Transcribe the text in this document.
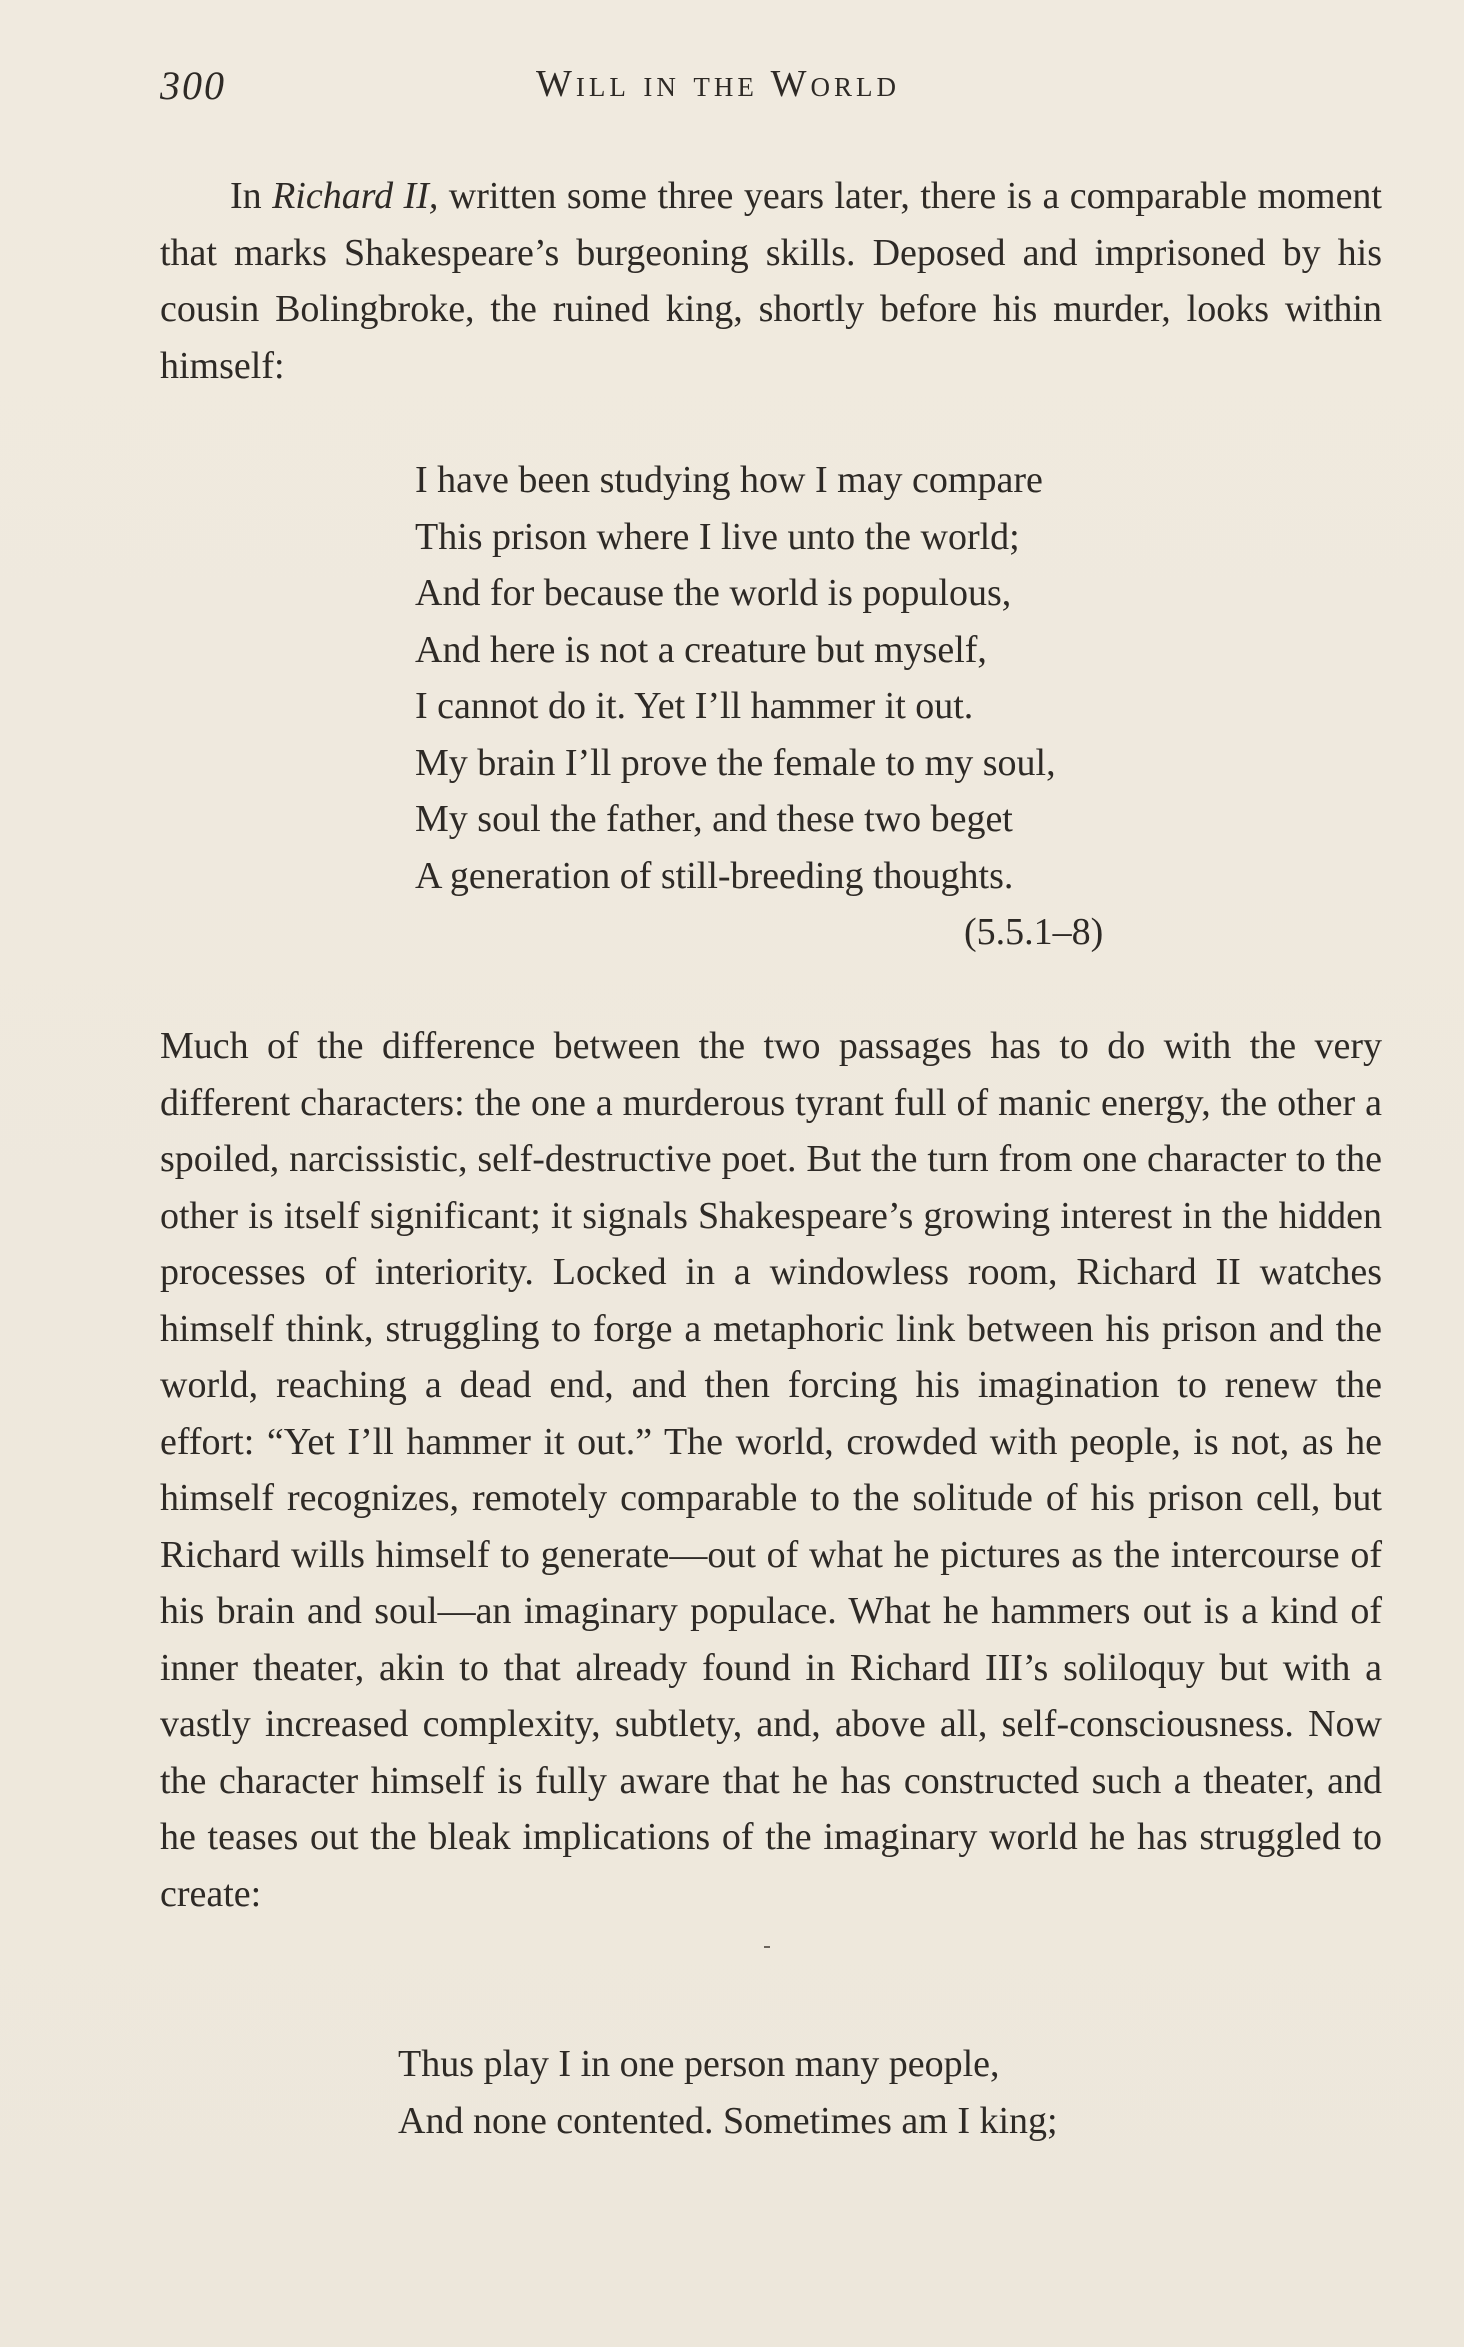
300	Will in the World

In Richard II, written some three years later, there is a comparable moment that marks Shakespeare’s burgeoning skills. Deposed and imprisoned by his cousin Bolingbroke, the ruined king, shortly before his murder, looks within himself:

I have been studying how I may compare
This prison where I live unto the world;
And for because the world is populous,
And here is not a creature but myself,
I cannot do it. Yet I’ll hammer it out.
My brain I’ll prove the female to my soul,
My soul the father, and these two beget
A generation of still-breeding thoughts.
(5.5.1–8)

Much of the difference between the two passages has to do with the very different characters: the one a murderous tyrant full of manic energy, the other a spoiled, narcissistic, self-destructive poet. But the turn from one character to the other is itself significant; it signals Shakespeare’s growing interest in the hidden processes of interiority. Locked in a windowless room, Richard II watches himself think, struggling to forge a metaphoric link between his prison and the world, reaching a dead end, and then forcing his imagination to renew the effort: “Yet I’ll hammer it out.” The world, crowded with people, is not, as he himself recognizes, remotely comparable to the solitude of his prison cell, but Richard wills himself to generate—out of what he pictures as the intercourse of his brain and soul—an imaginary populace. What he hammers out is a kind of inner theater, akin to that already found in Richard III’s soliloquy but with a vastly increased complexity, subtlety, and, above all, self-consciousness. Now the character himself is fully aware that he has constructed such a theater, and he teases out the bleak implications of the imaginary world he has struggled to create:

Thus play I in one person many people,
And none contented. Sometimes am I king;
